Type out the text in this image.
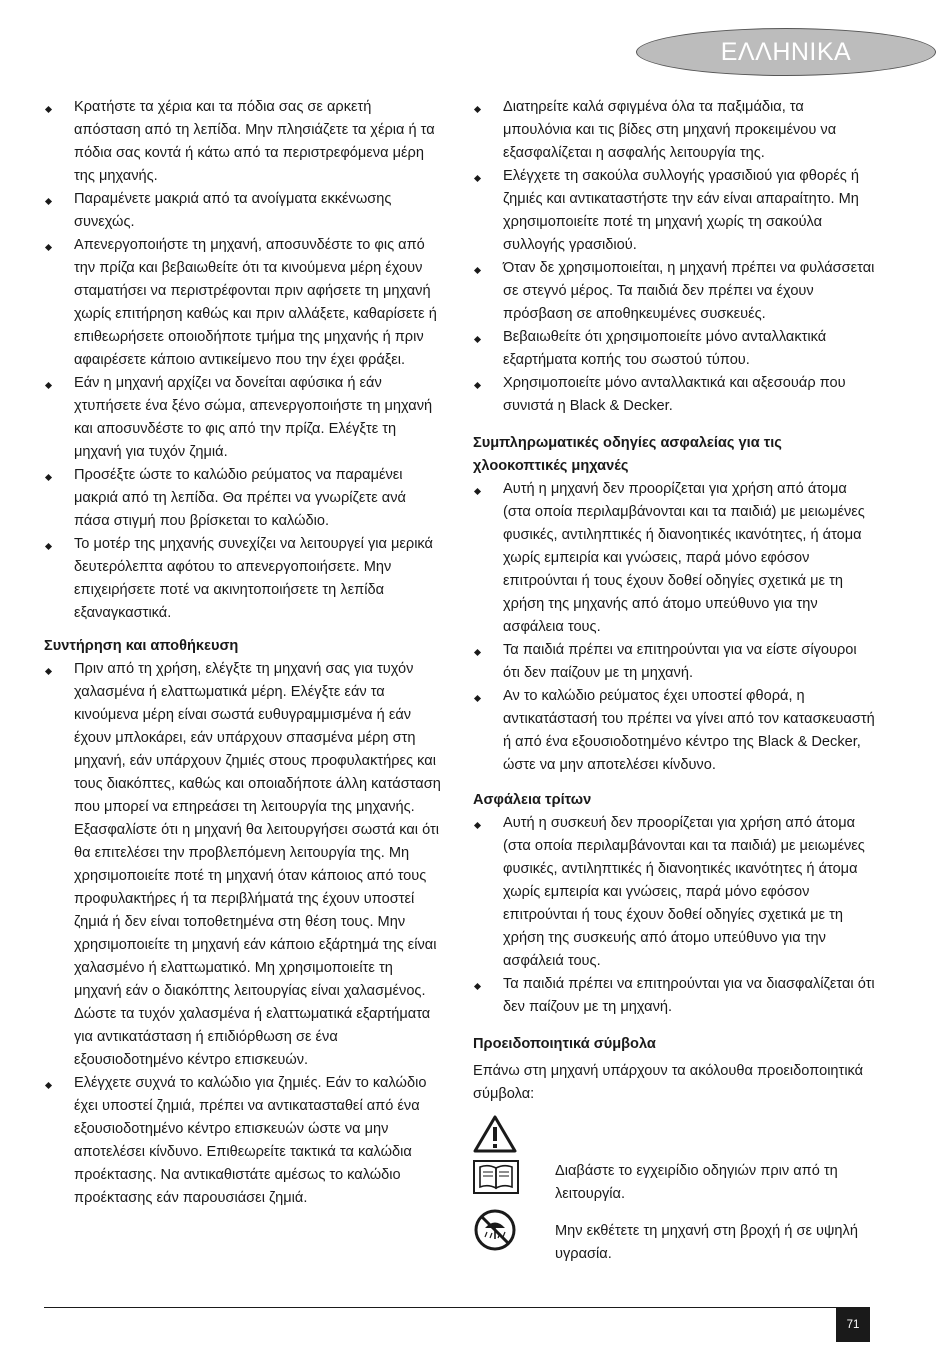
ΕΛΛΗΝΙΚΑ
Κρατήστε τα χέρια και τα πόδια σας σε αρκετή απόσταση από τη λεπίδα. Μην πλησιάζετε τα χέρια ή τα πόδια σας κοντά ή κάτω από τα περιστρεφόμενα μέρη της μηχανής.
Παραμένετε μακριά από τα ανοίγματα εκκένωσης συνεχώς.
Απενεργοποιήστε τη μηχανή, αποσυνδέστε το φις από την πρίζα και βεβαιωθείτε ότι τα κινούμενα μέρη έχουν σταματήσει να περιστρέφονται πριν αφήσετε τη μηχανή χωρίς επιτήρηση καθώς και πριν αλλάξετε, καθαρίσετε ή επιθεωρήσετε οποιοδήποτε τμήμα της μηχανής ή πριν αφαιρέσετε κάποιο αντικείμενο που την έχει φράξει.
Εάν η μηχανή αρχίζει να δονείται αφύσικα ή εάν χτυπήσετε ένα ξένο σώμα, απενεργοποιήστε τη μηχανή και αποσυνδέστε το φις από την πρίζα. Ελέγξτε τη μηχανή για τυχόν ζημιά.
Προσέξτε ώστε το καλώδιο ρεύματος να παραμένει μακριά από τη λεπίδα. Θα πρέπει να γνωρίζετε ανά πάσα στιγμή που βρίσκεται το καλώδιο.
Το μοτέρ της μηχανής συνεχίζει να λειτουργεί για μερικά δευτερόλεπτα αφότου το απενεργοποιήσετε. Μην επιχειρήσετε ποτέ να ακινητοποιήσετε τη λεπίδα εξαναγκαστικά.
Συντήρηση και αποθήκευση
Πριν από τη χρήση, ελέγξτε τη μηχανή σας για τυχόν χαλασμένα ή ελαττωματικά μέρη. Ελέγξτε εάν τα κινούμενα μέρη είναι σωστά ευθυγραμμισμένα ή εάν έχουν μπλοκάρει, εάν υπάρχουν σπασμένα μέρη στη μηχανή, εάν υπάρχουν ζημιές στους προφυλακτήρες και τους διακόπτες, καθώς και οποιαδήποτε άλλη κατάσταση που μπορεί να επηρεάσει τη λειτουργία της μηχανής. Εξασφαλίστε ότι η μηχανή θα λειτουργήσει σωστά και ότι θα επιτελέσει την προβλεπόμενη λειτουργία της. Μη χρησιμοποιείτε ποτέ τη μηχανή όταν κάποιος από τους προφυλακτήρες ή τα περιβλήματά της έχουν υποστεί ζημιά ή δεν είναι τοποθετημένα στη θέση τους. Μην χρησιμοποιείτε τη μηχανή εάν κάποιο εξάρτημά της είναι χαλασμένο ή ελαττωματικό. Μη χρησιμοποιείτε τη μηχανή εάν ο διακόπτης λειτουργίας είναι χαλασμένος. Δώστε τα τυχόν χαλασμένα ή ελαττωματικά εξαρτήματα για αντικατάσταση ή επιδιόρθωση σε ένα εξουσιοδοτημένο κέντρο επισκευών.
Ελέγχετε συχνά το καλώδιο για ζημιές. Εάν το καλώδιο έχει υποστεί ζημιά, πρέπει να αντικατασταθεί από ένα εξουσιοδοτημένο κέντρο επισκευών ώστε να μην αποτελέσει κίνδυνο. Επιθεωρείτε τακτικά τα καλώδια προέκτασης. Να αντικαθιστάτε αμέσως το καλώδιο προέκτασης εάν παρουσιάσει ζημιά.
Διατηρείτε καλά σφιγμένα όλα τα παξιμάδια, τα μπουλόνια και τις βίδες στη μηχανή προκειμένου να εξασφαλίζεται η ασφαλής λειτουργία της.
Ελέγχετε τη σακούλα συλλογής γρασιδιού για φθορές ή ζημιές και αντικαταστήστε την εάν είναι απαραίτητο. Μη χρησιμοποιείτε ποτέ τη μηχανή χωρίς τη σακούλα συλλογής γρασιδιού.
Όταν δε χρησιμοποιείται, η μηχανή πρέπει να φυλάσσεται σε στεγνό μέρος. Τα παιδιά δεν πρέπει να έχουν πρόσβαση σε αποθηκευμένες συσκευές.
Βεβαιωθείτε ότι χρησιμοποιείτε μόνο ανταλλακτικά εξαρτήματα κοπής του σωστού τύπου.
Χρησιμοποιείτε μόνο ανταλλακτικά και αξεσουάρ που συνιστά η Black & Decker.
Συμπληρωματικές οδηγίες ασφαλείας για τις χλοοκοπτικές μηχανές
Αυτή η μηχανή δεν προορίζεται για χρήση από άτομα (στα οποία περιλαμβάνονται και τα παιδιά) με μειωμένες φυσικές, αντιληπτικές ή διανοητικές ικανότητες, ή άτομα χωρίς εμπειρία και γνώσεις, παρά μόνο εφόσον επιτρούνται ή τους έχουν δοθεί οδηγίες σχετικά με τη χρήση της μηχανής από άτομο υπεύθυνο για την ασφάλεια τους.
Τα παιδιά πρέπει να επιτηρούνται για να είστε σίγουροι ότι δεν παίζουν με τη μηχανή.
Αν το καλώδιο ρεύματος έχει υποστεί φθορά, η αντικατάστασή του πρέπει να γίνει από τον κατασκευαστή ή από ένα εξουσιοδοτημένο κέντρο της Black & Decker, ώστε να μην αποτελέσει κίνδυνο.
Ασφάλεια τρίτων
Αυτή η συσκευή δεν προορίζεται για χρήση από άτομα (στα οποία περιλαμβάνονται και τα παιδιά) με μειωμένες φυσικές, αντιληπτικές ή διανοητικές ικανότητες ή άτομα χωρίς εμπειρία και γνώσεις, παρά μόνο εφόσον επιτρούνται ή τους έχουν δοθεί οδηγίες σχετικά με τη χρήση της συσκευής από άτομο υπεύθυνο για την ασφάλειά τους.
Τα παιδιά πρέπει να επιτηρούνται για να διασφαλίζεται ότι δεν παίζουν με τη μηχανή.
Προειδοποιητικά σύμβολα

Επάνω στη μηχανή υπάρχουν τα ακόλουθα προειδοποιητικά σύμβολα:

Διαβάστε το εγχειρίδιο οδηγιών πριν από τη λειτουργία.
Μην εκθέτετε τη μηχανή στη βροχή ή σε υψηλή υγρασία.
71
